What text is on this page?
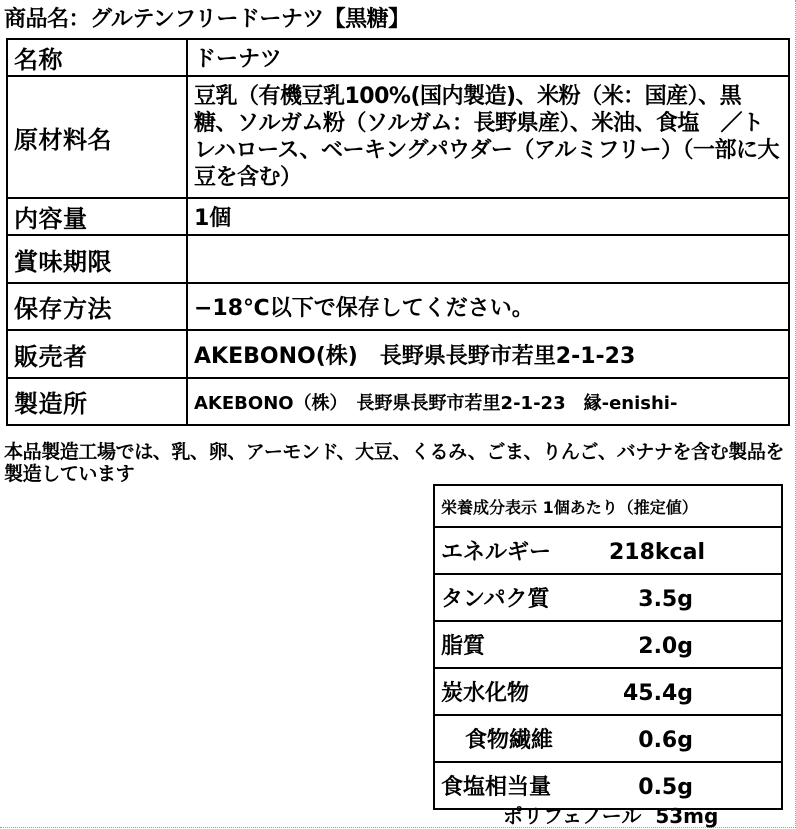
商品名：グルテンフリードーナツ【黒糖】
名称	ドーナツ
原材料名	豆乳（有機豆乳100%(国内製造)、米粉（米：国産）、黒糖、ソルガム粉（ソルガム：長野県産）、米油、食塩　／トレハロース、ベーキングパウダー（アルミフリー）（一部に大豆を含む）
内容量	1個
賞味期限	
保存方法	−18℃以下で保存してください。
販売者	AKEBONO(株)　長野県長野市若里2-1-23
製造所	AKEBONO（株）　長野県長野市若里2-1-23　縁-enishi-
本品製造工場では、乳、卵、アーモンド、大豆、くるみ、ごま、りんご、バナナを含む製品を製造しています
栄養成分表示 1個あたり（推定値）
エネルギー	218kcal
タンパク質	3.5g
脂質	2.0g
炭水化物	45.4g
食物繊維	0.6g
食塩相当量	0.5g
ポリフェノール 53mg
